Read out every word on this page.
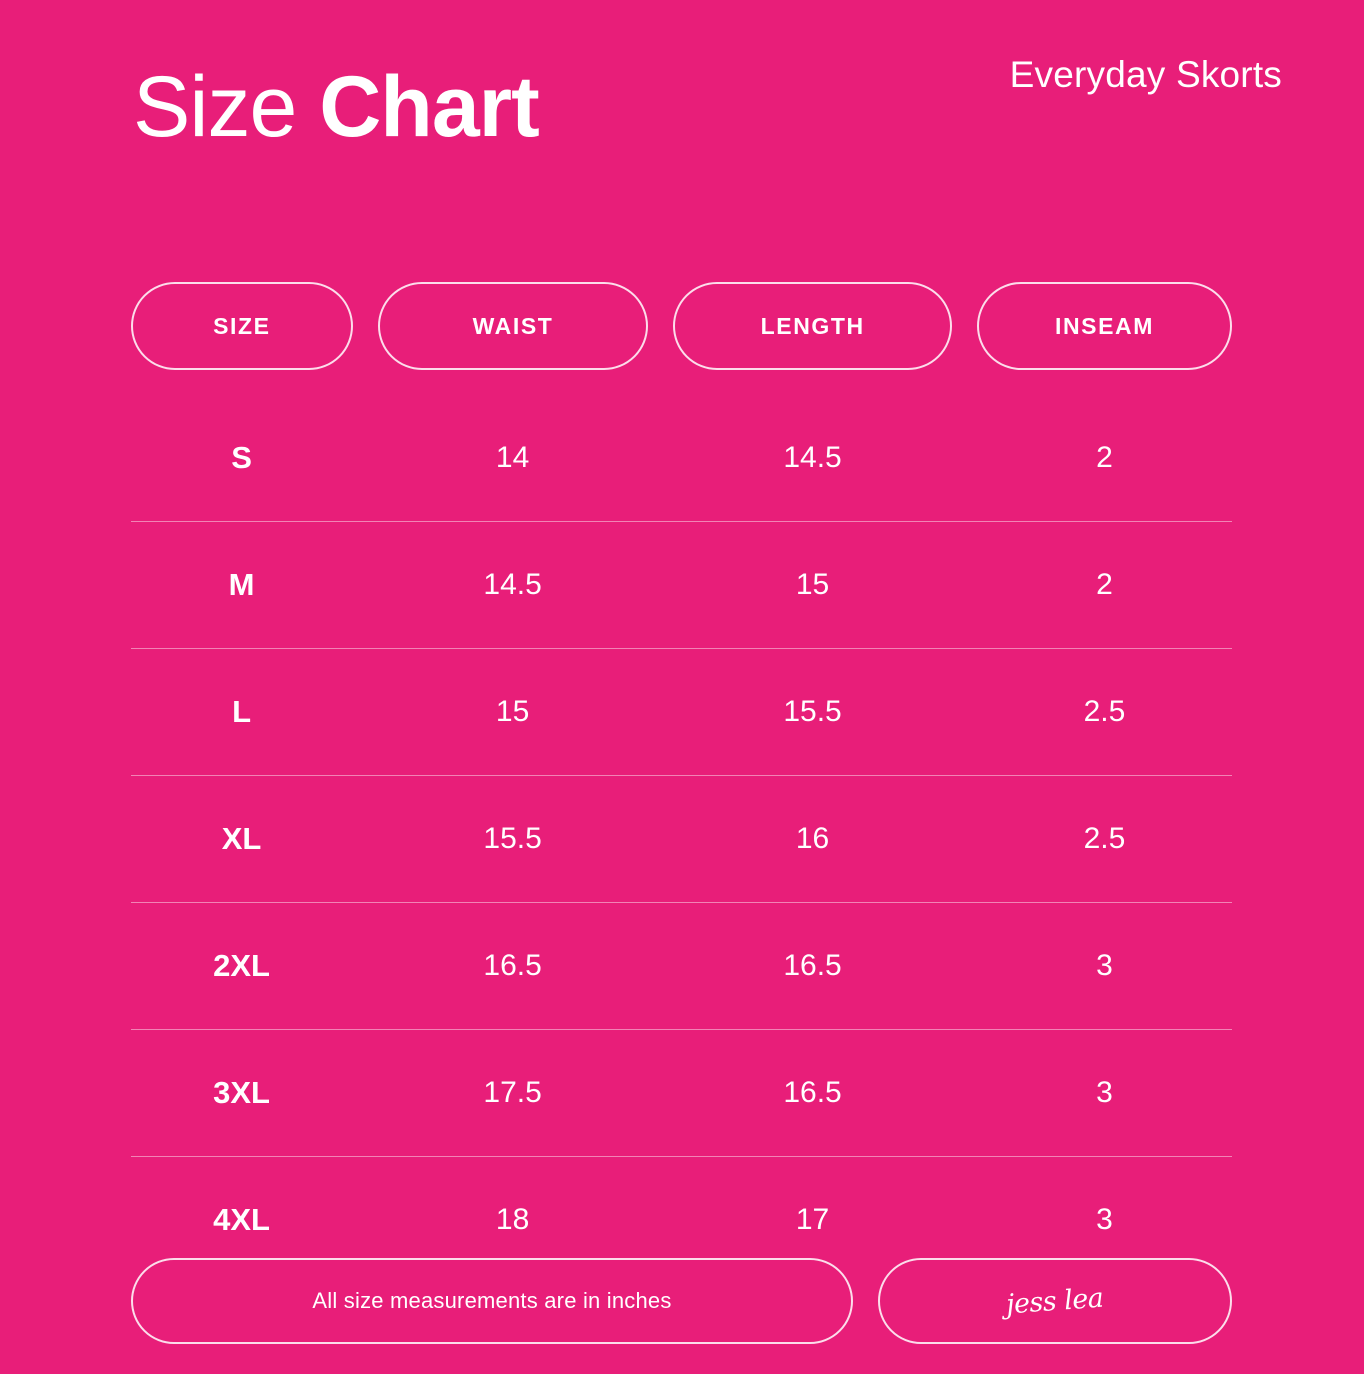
Size Chart	Everyday Skorts
SIZE	WAIST	LENGTH	INSEAM
S	14	14.5	2
M	14.5	15	2
L	15	15.5	2.5
XL	15.5	16	2.5
2XL	16.5	16.5	3
3XL	17.5	16.5	3
4XL	18	17	3
All size measurements are in inches	jess lea
